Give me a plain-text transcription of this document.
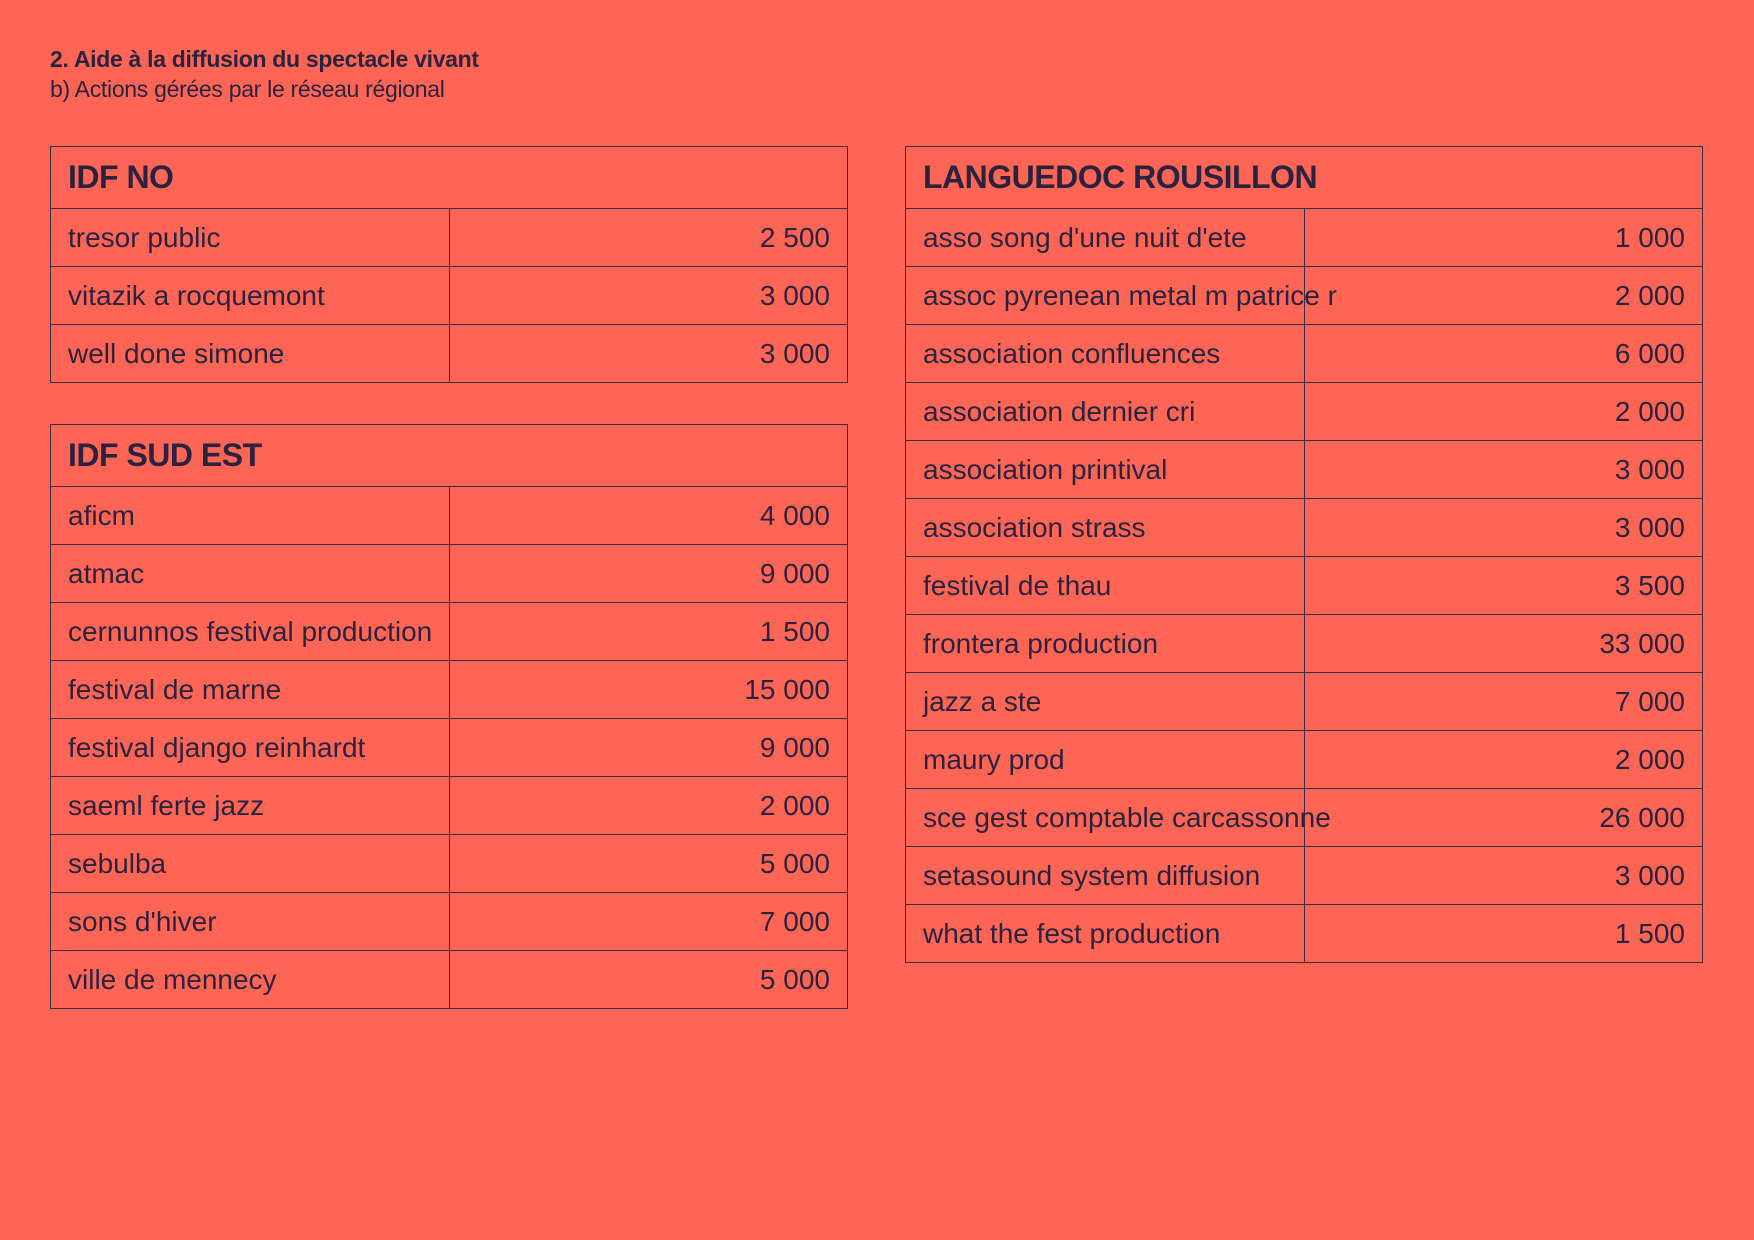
2. Aide à la diffusion du spectacle vivant
b) Actions gérées par le réseau régional
IDF NO	
tresor public	2 500
vitazik a rocquemont	3 000
well done simone	3 000
IDF SUD EST	
aficm	4 000
atmac	9 000
cernunnos festival production	1 500
festival de marne	15 000
festival django reinhardt	9 000
saeml ferte jazz	2 000
sebulba	5 000
sons d'hiver	7 000
ville de mennecy	5 000
LANGUEDOC ROUSILLON	
asso song d'une nuit d'ete	1 000
assoc pyrenean metal m patrice r	2 000
association confluences	6 000
association dernier cri	2 000
association printival	3 000
association strass	3 000
festival de thau	3 500
frontera production	33 000
jazz a ste	7 000
maury prod	2 000
sce gest comptable carcassonne	26 000
setasound system diffusion	3 000
what the fest production	1 500
